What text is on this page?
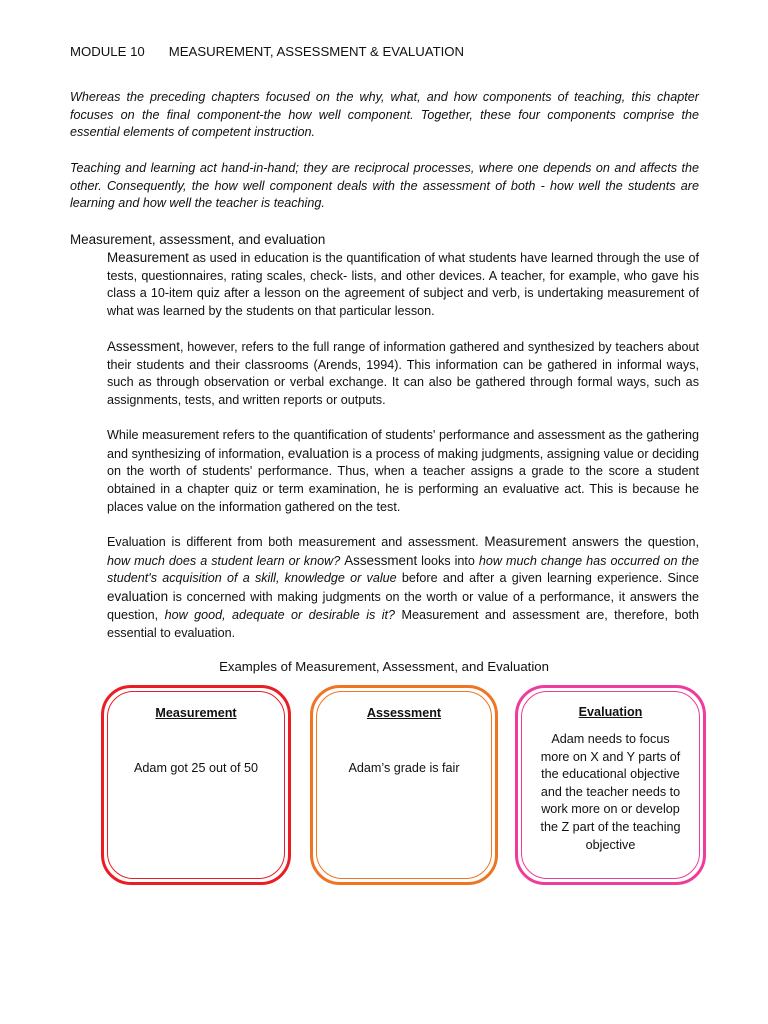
MODULE 10 MEASUREMENT, ASSESSMENT & EVALUATION

Whereas the preceding chapters focused on the why, what, and how components of teaching, this chapter focuses on the final component-the how well component. Together, these four components comprise the essential elements of competent instruction.

Teaching and learning act hand-in-hand; they are reciprocal processes, where one depends on and affects the other. Consequently, the how well component deals with the assessment of both - how well the students are learning and how well the teacher is teaching.

Measurement, assessment, and evaluation

Measurement as used in education is the quantification of what students have learned through the use of tests, questionnaires, rating scales, check- lists, and other devices. A teacher, for example, who gave his class a 10-item quiz after a lesson on the agreement of subject and verb, is undertaking measurement of what was learned by the students on that particular lesson.

Assessment, however, refers to the full range of information gathered and synthesized by teachers about their students and their classrooms (Arends, 1994). This information can be gathered in informal ways, such as through observation or verbal exchange. It can also be gathered through formal ways, such as assignments, tests, and written reports or outputs.

While measurement refers to the quantification of students' performance and assessment as the gathering and synthesizing of information, evaluation is a process of making judgments, assigning value or deciding on the worth of students' performance. Thus, when a teacher assigns a grade to the score a student obtained in a chapter quiz or term examination, he is performing an evaluative act. This is because he places value on the information gathered on the test.

Evaluation is different from both measurement and assessment. Measurement answers the question, how much does a student learn or know? Assessment looks into how much change has occurred on the student's acquisition of a skill, knowledge or value before and after a given learning experience. Since evaluation is concerned with making judgments on the worth or value of a performance, it answers the question, how good, adequate or desirable is it? Measurement and assessment are, therefore, both essential to evaluation.

Examples of Measurement, Assessment, and Evaluation
Measurement
Adam got 25 out of 50
Assessment
Adam’s grade is fair
Evaluation
Adam needs to focus more on X and Y parts of the educational objective and the teacher needs to work more on or develop the Z part of the teaching objective
